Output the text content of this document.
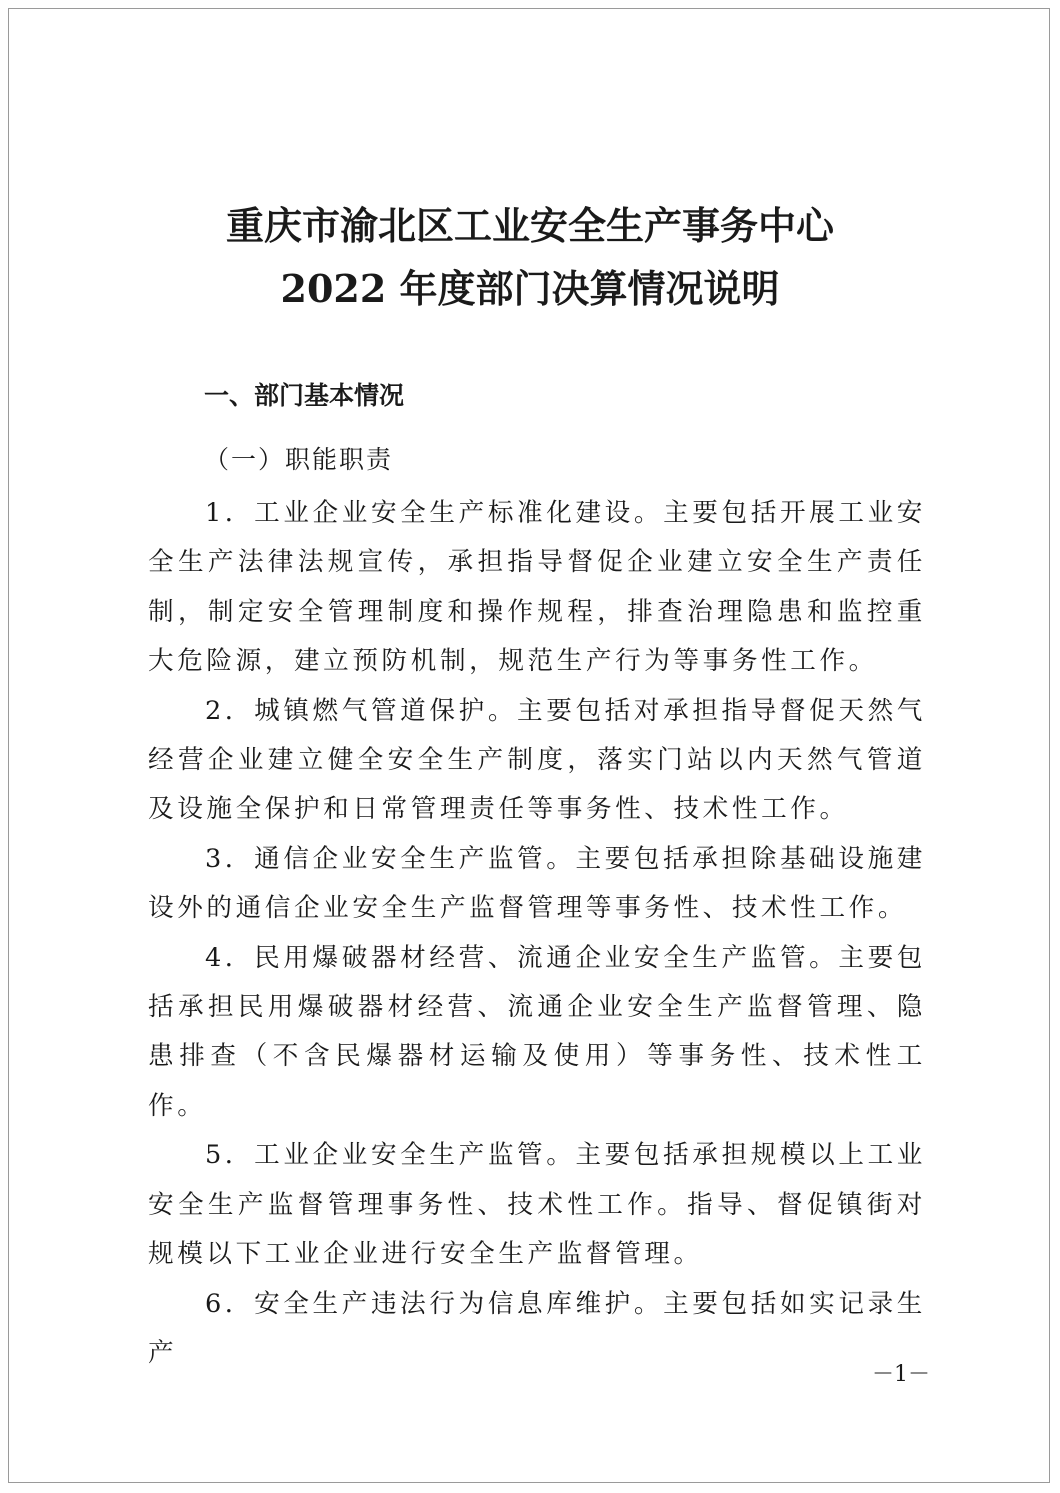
重庆市渝北区工业安全生产事务中心
2022 年度部门决算情况说明
一、部门基本情况
（一）职能职责

1．工业企业安全生产标准化建设。主要包括开展工业安全生产法律法规宣传，承担指导督促企业建立安全生产责任制，制定安全管理制度和操作规程，排查治理隐患和监控重大危险源，建立预防机制，规范生产行为等事务性工作。

2．城镇燃气管道保护。主要包括对承担指导督促天然气经营企业建立健全安全生产制度，落实门站以内天然气管道及设施全保护和日常管理责任等事务性、技术性工作。

3．通信企业安全生产监管。主要包括承担除基础设施建设外的通信企业安全生产监督管理等事务性、技术性工作。

4．民用爆破器材经营、流通企业安全生产监管。主要包括承担民用爆破器材经营、流通企业安全生产监督管理、隐患排查（不含民爆器材运输及使用）等事务性、技术性工作。

5．工业企业安全生产监管。主要包括承担规模以上工业安全生产监督管理事务性、技术性工作。指导、督促镇街对规模以下工业企业进行安全生产监督管理。

6．安全生产违法行为信息库维护。主要包括如实记录生产

－1－
